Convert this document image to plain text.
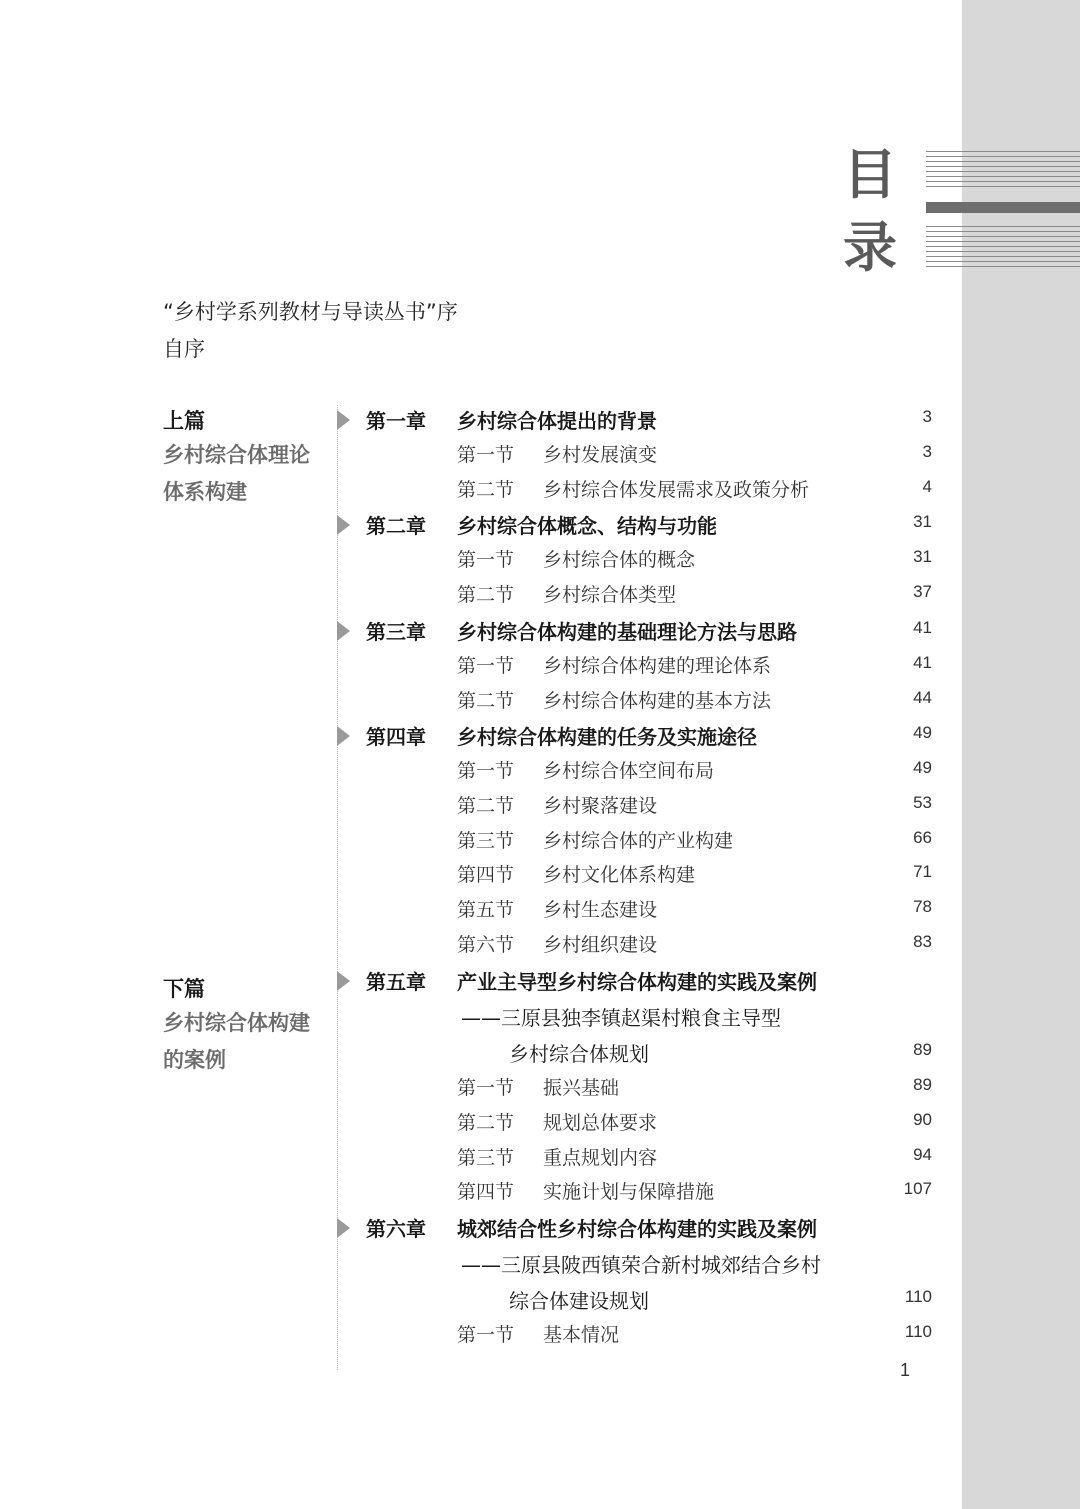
目
录
“乡村学系列教材与导读丛书”序
自序
上篇
乡村综合体理论体系构建
下篇
乡村综合体构建的案例
第一章 乡村综合体提出的背景	3
第一节 乡村发展演变	3
第二节 乡村综合体发展需求及政策分析	4
第二章 乡村综合体概念、结构与功能	31
第一节 乡村综合体的概念	31
第二节 乡村综合体类型	37
第三章 乡村综合体构建的基础理论方法与思路	41
第一节 乡村综合体构建的理论体系	41
第二节 乡村综合体构建的基本方法	44
第四章 乡村综合体构建的任务及实施途径	49
第一节 乡村综合体空间布局	49
第二节 乡村聚落建设	53
第三节 乡村综合体的产业构建	66
第四节 乡村文化体系构建	71
第五节 乡村生态建设	78
第六节 乡村组织建设	83
第五章 产业主导型乡村综合体构建的实践及案例
——三原县独李镇赵渠村粮食主导型
乡村综合体规划	89
第一节 振兴基础	89
第二节 规划总体要求	90
第三节 重点规划内容	94
第四节 实施计划与保障措施	107
第六章 城郊结合性乡村综合体构建的实践及案例
——三原县陂西镇荣合新村城郊结合乡村
综合体建设规划	110
第一节 基本情况	110
1
